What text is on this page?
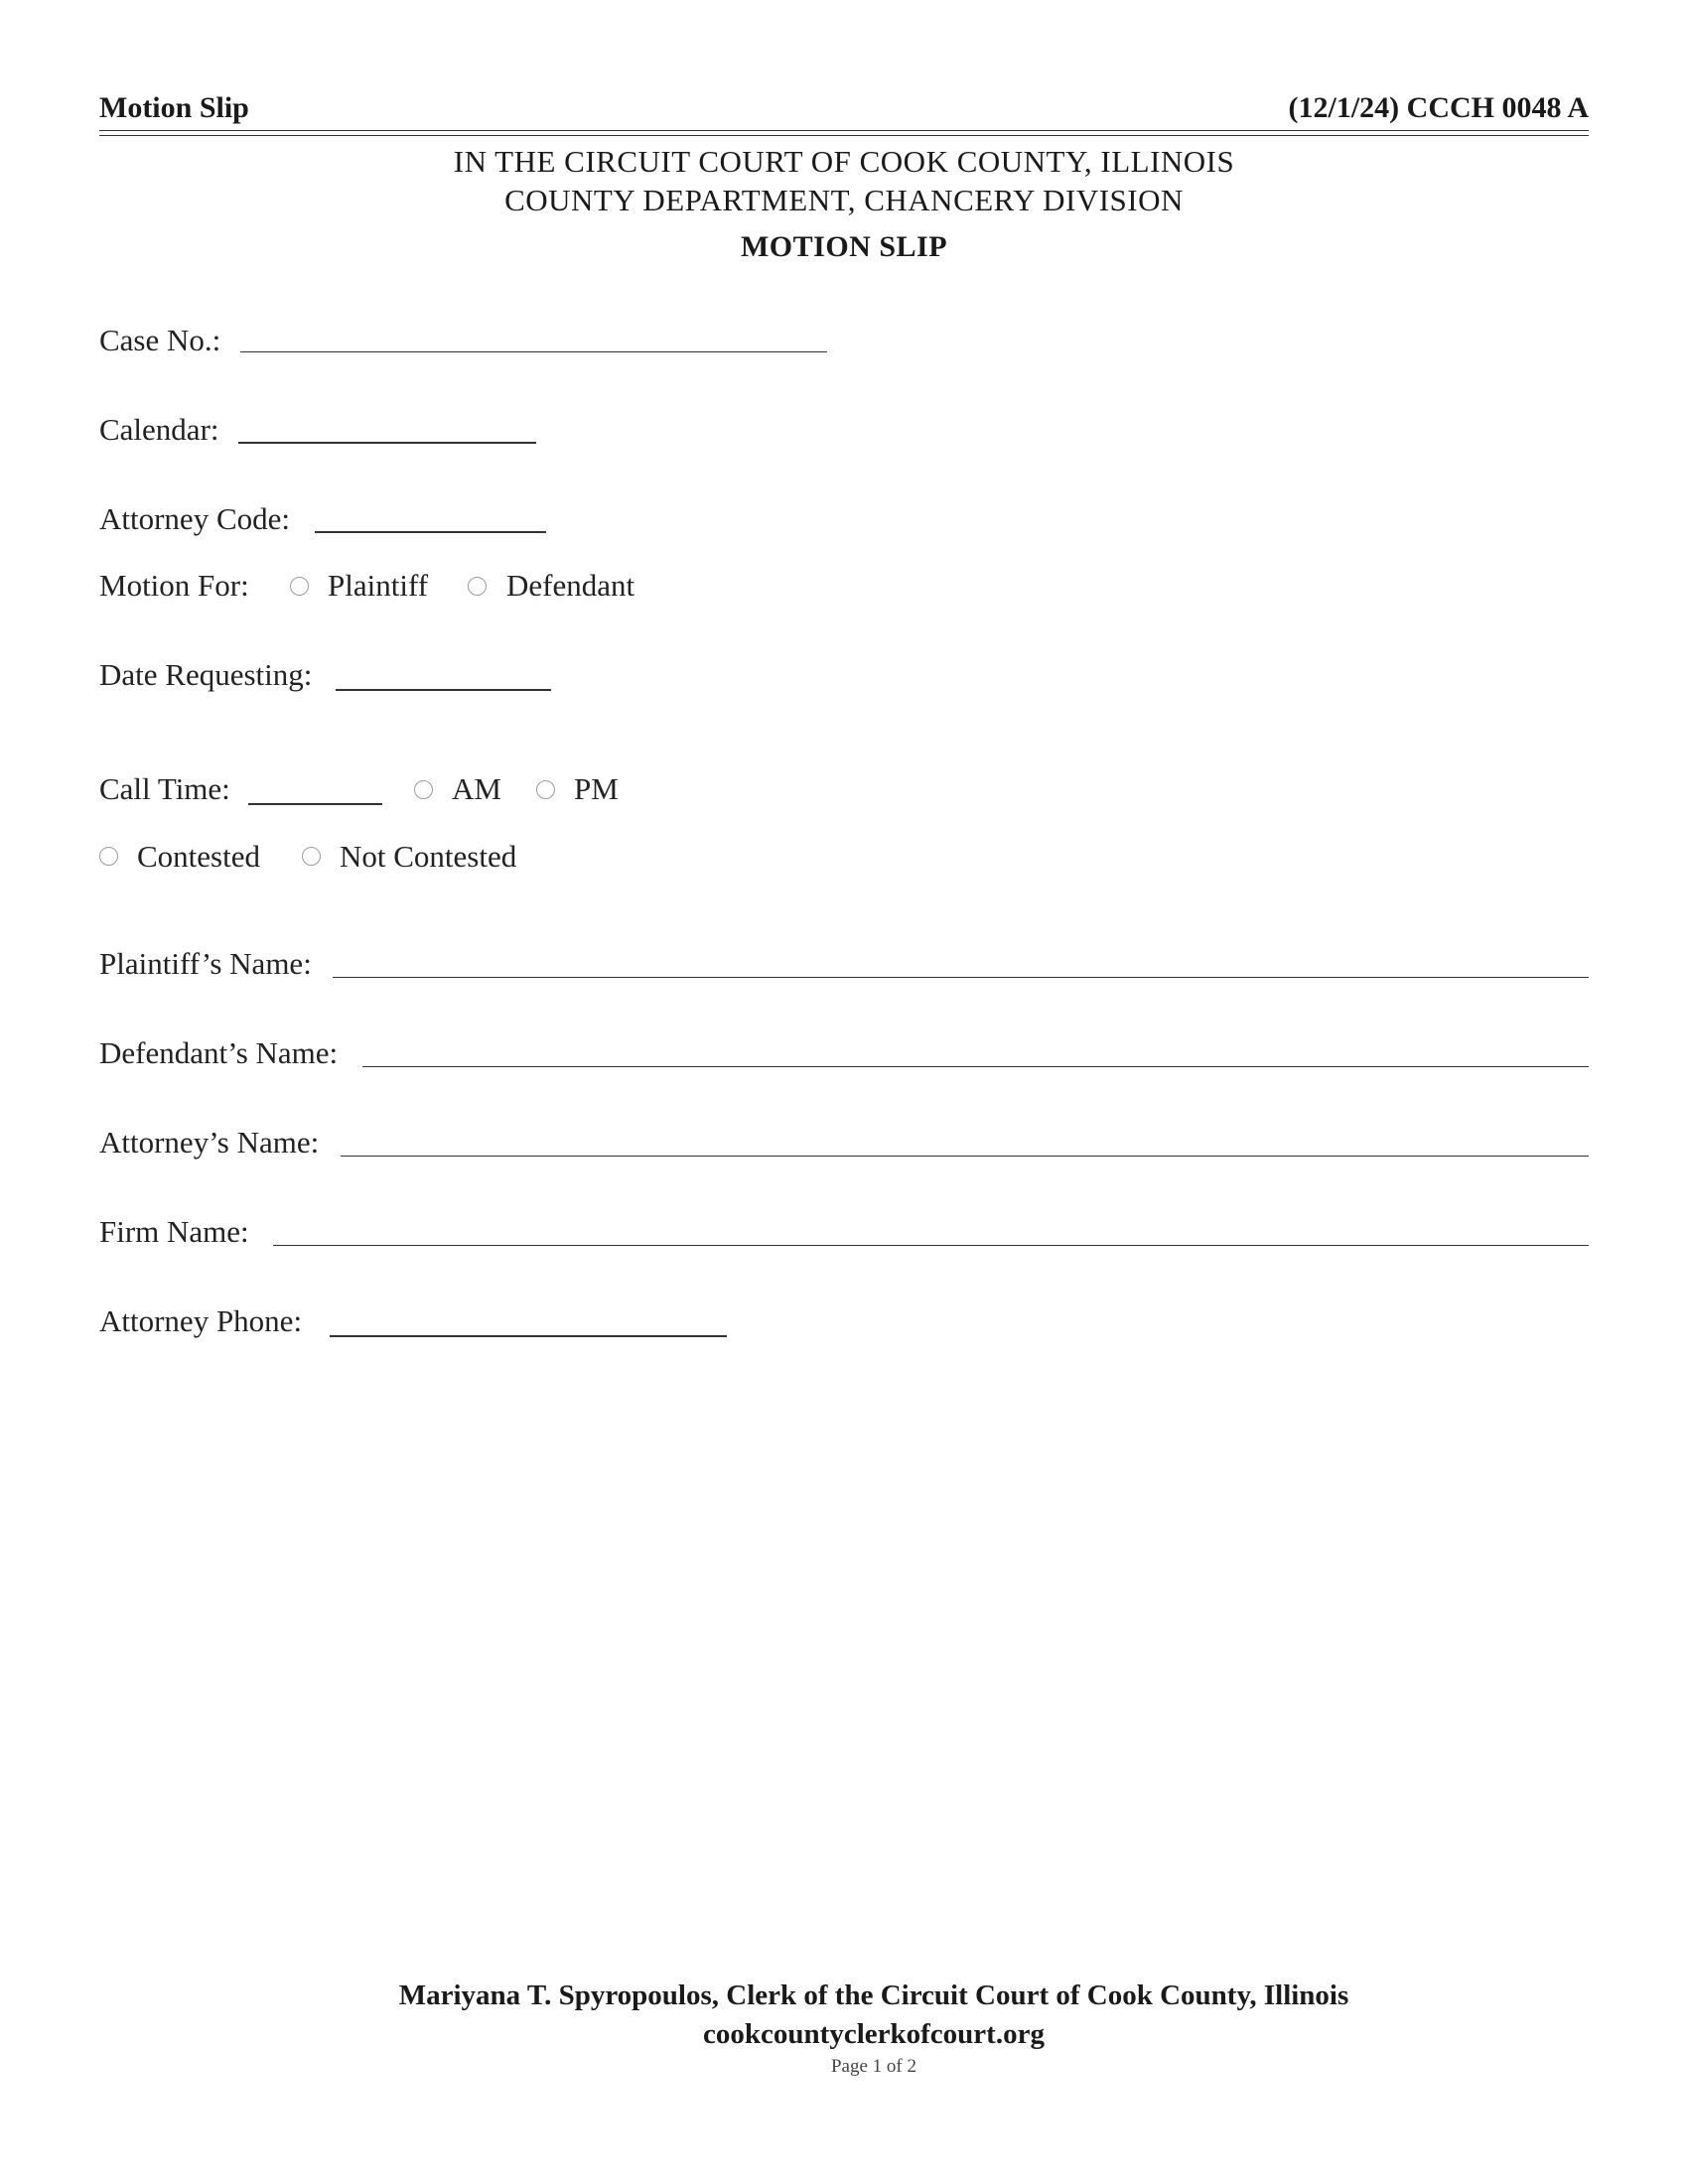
Motion Slip	(12/1/24) CCCH 0048 A
IN THE CIRCUIT COURT OF COOK COUNTY, ILLINOIS
COUNTY DEPARTMENT, CHANCERY DIVISION
MOTION SLIP
Case No.:
Calendar:
Attorney Code:
Motion For:	Plaintiff	Defendant
Date Requesting:
Call Time:	AM PM
Contested	Not Contested
Plaintiff’s Name:
Defendant’s Name:
Attorney’s Name:
Firm Name:
Attorney Phone:
Mariyana T. Spyropoulos, Clerk of the Circuit Court of Cook County, Illinois
cookcountyclerkofcourt.org
Page 1 of 2
